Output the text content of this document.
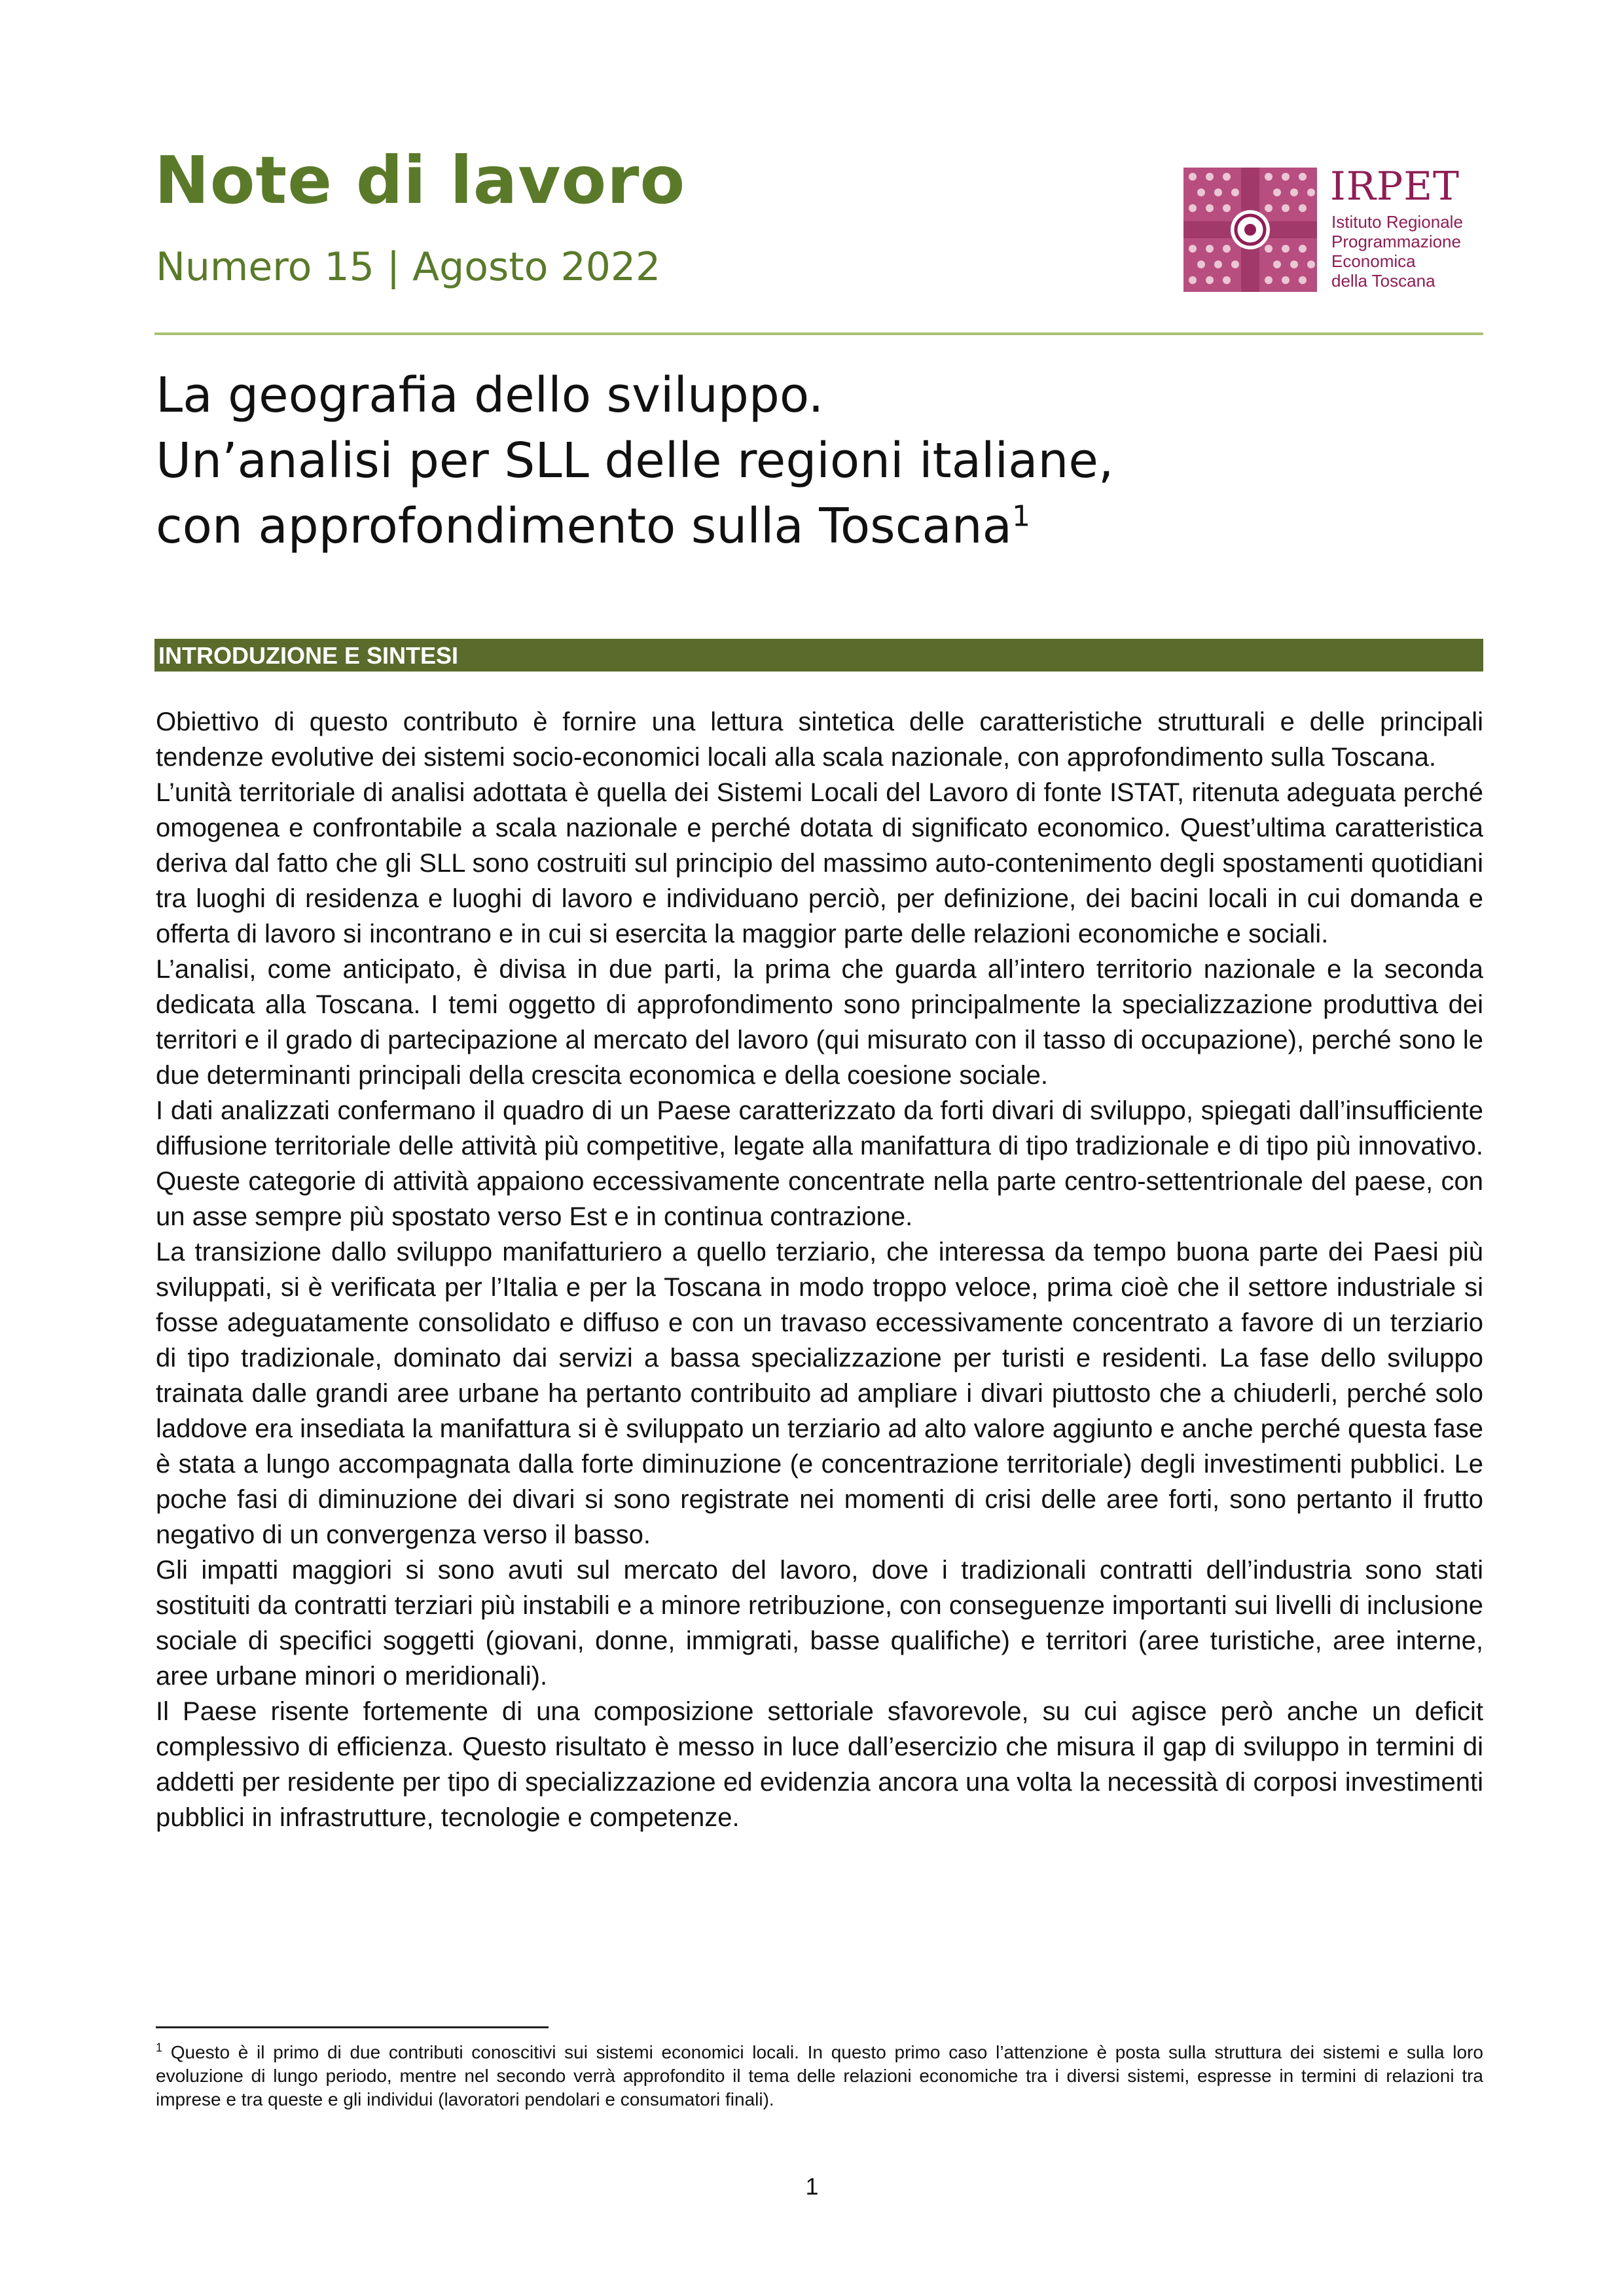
Note di lavoro
Numero 15 | Agosto 2022
IRPET
Istituto Regionale
Programmazione
Economica
della Toscana
La geografia dello sviluppo.
Un’analisi per SLL delle regioni italiane,
con approfondimento sulla Toscana$^1$
INTRODUZIONE E SINTESI

Obiettivo di questo contributo è fornire una lettura sintetica delle caratteristiche strutturali e delle principali tendenze evolutive dei sistemi socio-economici locali alla scala nazionale, con approfondimento sulla Toscana.

L’unità territoriale di analisi adottata è quella dei Sistemi Locali del Lavoro di fonte ISTAT, ritenuta adeguata perché omogenea e confrontabile a scala nazionale e perché dotata di significato economico. Quest’ultima caratteristica deriva dal fatto che gli SLL sono costruiti sul principio del massimo auto-contenimento degli spostamenti quotidiani tra luoghi di residenza e luoghi di lavoro e individuano perciò, per definizione, dei bacini locali in cui domanda e offerta di lavoro si incontrano e in cui si esercita la maggior parte delle relazioni economiche e sociali.

L’analisi, come anticipato, è divisa in due parti, la prima che guarda all’intero territorio nazionale e la seconda dedicata alla Toscana. I temi oggetto di approfondimento sono principalmente la specializzazione produttiva dei territori e il grado di partecipazione al mercato del lavoro (qui misurato con il tasso di occupazione), perché sono le due determinanti principali della crescita economica e della coesione sociale.

I dati analizzati confermano il quadro di un Paese caratterizzato da forti divari di sviluppo, spiegati dall’insufficiente diffusione territoriale delle attività più competitive, legate alla manifattura di tipo tradizionale e di tipo più innovativo. Queste categorie di attività appaiono eccessivamente concentrate nella parte centro-settentrionale del paese, con un asse sempre più spostato verso Est e in continua contrazione.

La transizione dallo sviluppo manifatturiero a quello terziario, che interessa da tempo buona parte dei Paesi più sviluppati, si è verificata per l’Italia e per la Toscana in modo troppo veloce, prima cioè che il settore industriale si fosse adeguatamente consolidato e diffuso e con un travaso eccessivamente concentrato a favore di un terziario di tipo tradizionale, dominato dai servizi a bassa specializzazione per turisti e residenti. La fase dello sviluppo trainata dalle grandi aree urbane ha pertanto contribuito ad ampliare i divari piuttosto che a chiuderli, perché solo laddove era insediata la manifattura si è sviluppato un terziario ad alto valore aggiunto e anche perché questa fase è stata a lungo accompagnata dalla forte diminuzione (e concentrazione territoriale) degli investimenti pubblici. Le poche fasi di diminuzione dei divari si sono registrate nei momenti di crisi delle aree forti, sono pertanto il frutto negativo di un convergenza verso il basso.

Gli impatti maggiori si sono avuti sul mercato del lavoro, dove i tradizionali contratti dell’industria sono stati sostituiti da contratti terziari più instabili e a minore retribuzione, con conseguenze importanti sui livelli di inclusione sociale di specifici soggetti (giovani, donne, immigrati, basse qualifiche) e territori (aree turistiche, aree interne, aree urbane minori o meridionali).

Il Paese risente fortemente di una composizione settoriale sfavorevole, su cui agisce però anche un deficit complessivo di efficienza. Questo risultato è messo in luce dall’esercizio che misura il gap di sviluppo in termini di addetti per residente per tipo di specializzazione ed evidenzia ancora una volta la necessità di corposi investimenti pubblici in infrastrutture, tecnologie e competenze.

$^1$ Questo è il primo di due contributi conoscitivi sui sistemi economici locali. In questo primo caso l’attenzione è posta sulla struttura dei sistemi e sulla loro evoluzione di lungo periodo, mentre nel secondo verrà approfondito il tema delle relazioni economiche tra i diversi sistemi, espresse in termini di relazioni tra imprese e tra queste e gli individui (lavoratori pendolari e consumatori finali).
1
